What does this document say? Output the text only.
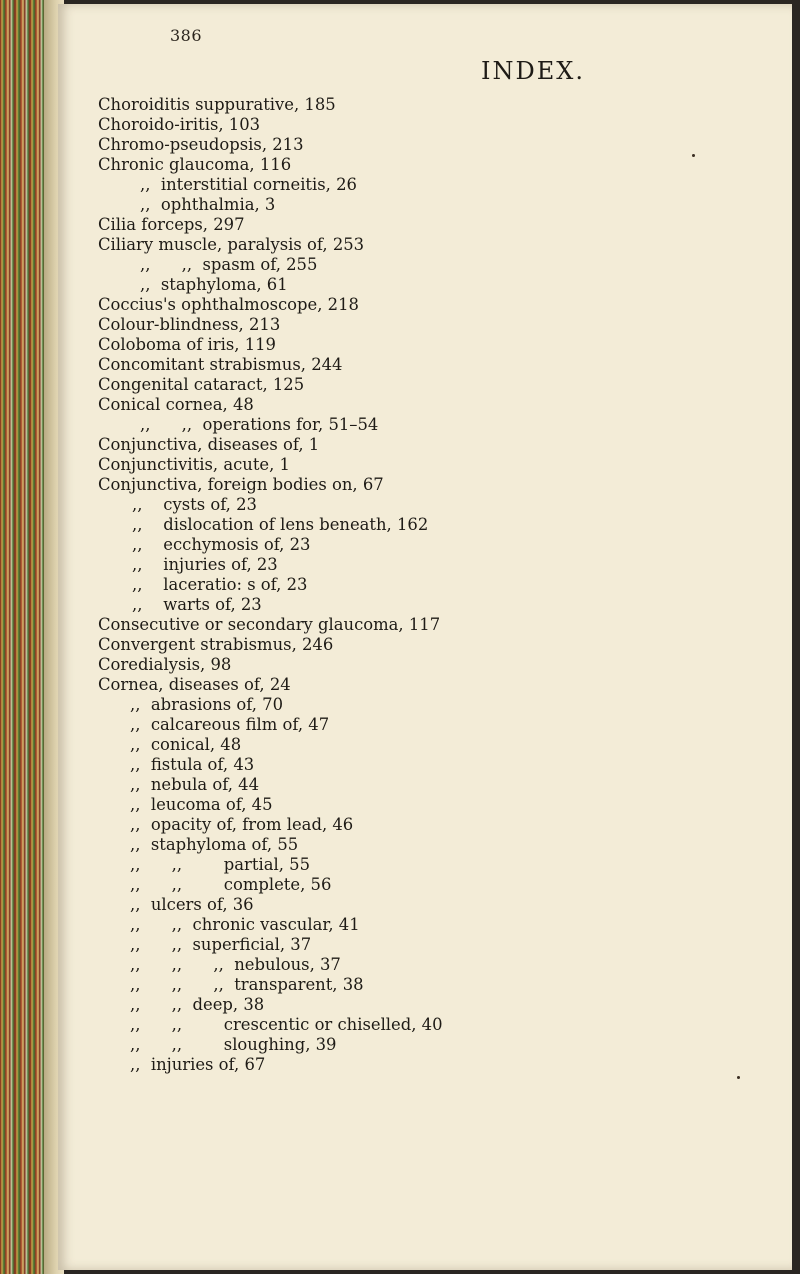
386
INDEX.
Choroiditis suppurative, 185
Choroido-iritis, 103
Chromo-pseudopsis, 213
Chronic glaucoma, 116
,,  interstitial corneitis, 26
,,  ophthalmia, 3
Cilia forceps, 297
Ciliary muscle, paralysis of, 253
,,      ,,  spasm of, 255
,,  staphyloma, 61
Coccius's ophthalmoscope, 218
Colour-blindness, 213
Coloboma of iris, 119
Concomitant strabismus, 244
Congenital cataract, 125
Conical cornea, 48
,,      ,,  operations for, 51–54
Conjunctiva, diseases of, 1
Conjunctivitis, acute, 1
Conjunctiva, foreign bodies on, 67
,,    cysts of, 23
,,    dislocation of lens beneath, 162
,,    ecchymosis of, 23
,,    injuries of, 23
,,    laceratio: s of, 23
,,    warts of, 23
Consecutive or secondary glaucoma, 117
Convergent strabismus, 246
Coredialysis, 98
Cornea, diseases of, 24
,,  abrasions of, 70
,,  calcareous film of, 47
,,  conical, 48
,,  fistula of, 43
,,  nebula of, 44
,,  leucoma of, 45
,,  opacity of, from lead, 46
,,  staphyloma of, 55
,,      ,,        partial, 55
,,      ,,        complete, 56
,,  ulcers of, 36
,,      ,,  chronic vascular, 41
,,      ,,  superficial, 37
,,      ,,      ,,  nebulous, 37
,,      ,,      ,,  transparent, 38
,,      ,,  deep, 38
,,      ,,        crescentic or chiselled, 40
,,      ,,        sloughing, 39
,,  injuries of, 67
